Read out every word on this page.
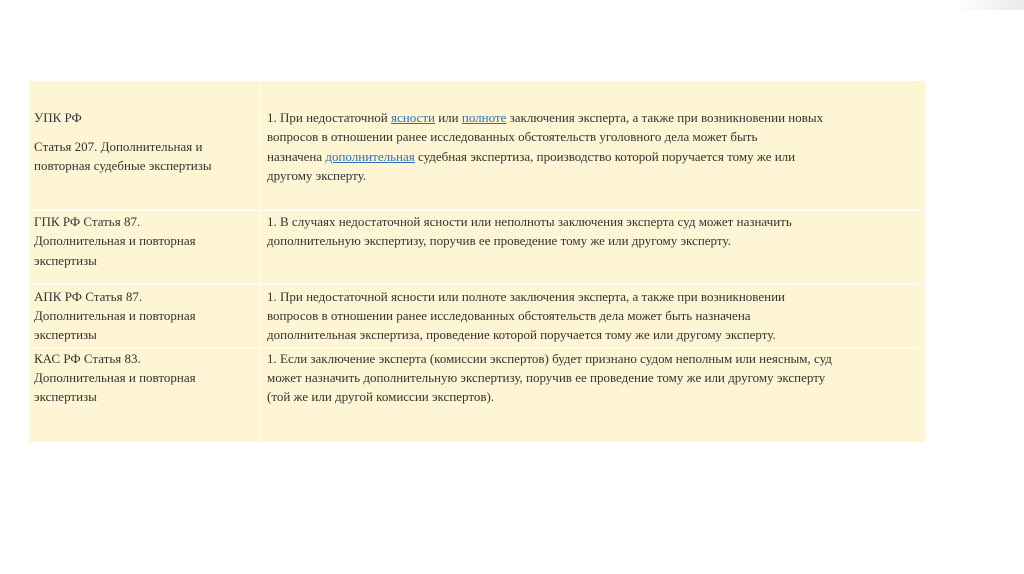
УПК РФ
Статья 207. Дополнительная и
повторная судебные экспертизы
1. При недостаточной ясности или полноте заключения эксперта, а также при возникновении новых
вопросов в отношении ранее исследованных обстоятельств уголовного дела может быть
назначена дополнительная судебная экспертиза, производство которой поручается тому же или
другому эксперту.
ГПК РФ Статья 87.
Дополнительная и повторная
экспертизы
1. В случаях недостаточной ясности или неполноты заключения эксперта суд может назначить
дополнительную экспертизу, поручив ее проведение тому же или другому эксперту.
АПК РФ Статья 87.
Дополнительная и повторная
экспертизы
1. При недостаточной ясности или полноте заключения эксперта, а также при возникновении
вопросов в отношении ранее исследованных обстоятельств дела может быть назначена
дополнительная экспертиза, проведение которой поручается тому же или другому эксперту.
КАС РФ Статья 83.
Дополнительная и повторная
экспертизы
1. Если заключение эксперта (комиссии экспертов) будет признано судом неполным или неясным, суд
может назначить дополнительную экспертизу, поручив ее проведение тому же или другому эксперту
(той же или другой комиссии экспертов).
